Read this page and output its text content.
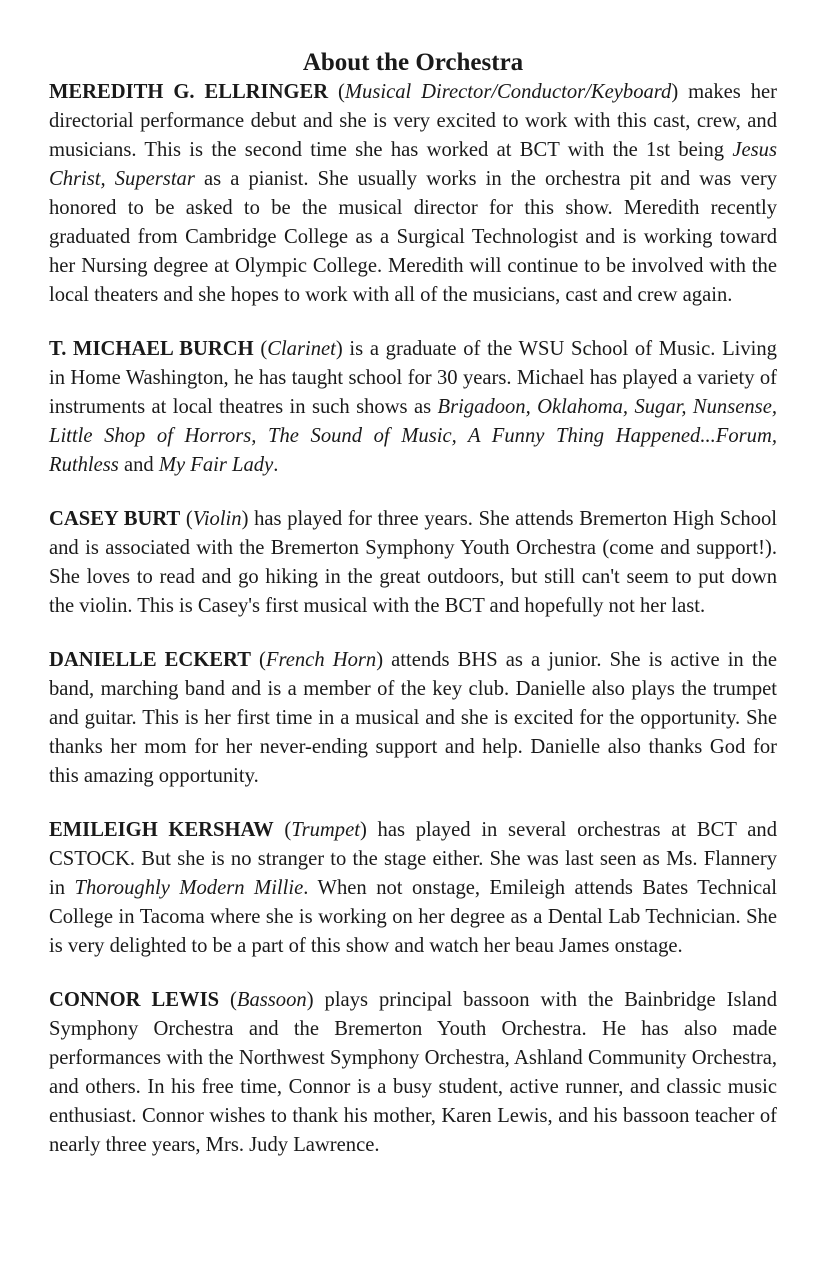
About the Orchestra

MEREDITH G. ELLRINGER (Musical Director/Conductor/Keyboard) makes her directorial performance debut and she is very excited to work with this cast, crew, and musicians. This is the second time she has worked at BCT with the 1st being Jesus Christ, Superstar as a pianist. She usually works in the orchestra pit and was very honored to be asked to be the musical director for this show. Meredith recently graduated from Cambridge College as a Surgical Technologist and is working toward her Nursing degree at Olympic College. Meredith will continue to be involved with the local theaters and she hopes to work with all of the musicians, cast and crew again.

T. MICHAEL BURCH (Clarinet) is a graduate of the WSU School of Music. Living in Home Washington, he has taught school for 30 years. Michael has played a variety of instruments at local theatres in such shows as Brigadoon, Oklahoma, Sugar, Nunsense, Little Shop of Horrors, The Sound of Music, A Funny Thing Happened...Forum, Ruthless and My Fair Lady.

CASEY BURT (Violin) has played for three years. She attends Bremerton High School and is associated with the Bremerton Symphony Youth Orchestra (come and support!). She loves to read and go hiking in the great outdoors, but still can't seem to put down the violin. This is Casey's first musical with the BCT and hopefully not her last.

DANIELLE ECKERT (French Horn) attends BHS as a junior. She is active in the band, marching band and is a member of the key club. Danielle also plays the trumpet and guitar. This is her first time in a musical and she is excited for the opportunity. She thanks her mom for her never-ending support and help. Danielle also thanks God for this amazing opportunity.

EMILEIGH KERSHAW (Trumpet) has played in several orchestras at BCT and CSTOCK. But she is no stranger to the stage either. She was last seen as Ms. Flannery in Thoroughly Modern Millie. When not onstage, Emileigh attends Bates Technical College in Tacoma where she is working on her degree as a Dental Lab Technician. She is very delighted to be a part of this show and watch her beau James onstage.

CONNOR LEWIS (Bassoon) plays principal bassoon with the Bainbridge Island Symphony Orchestra and the Bremerton Youth Orchestra. He has also made performances with the Northwest Symphony Orchestra, Ashland Community Orchestra, and others. In his free time, Connor is a busy student, active runner, and classic music enthusiast. Connor wishes to thank his mother, Karen Lewis, and his bassoon teacher of nearly three years, Mrs. Judy Lawrence.
